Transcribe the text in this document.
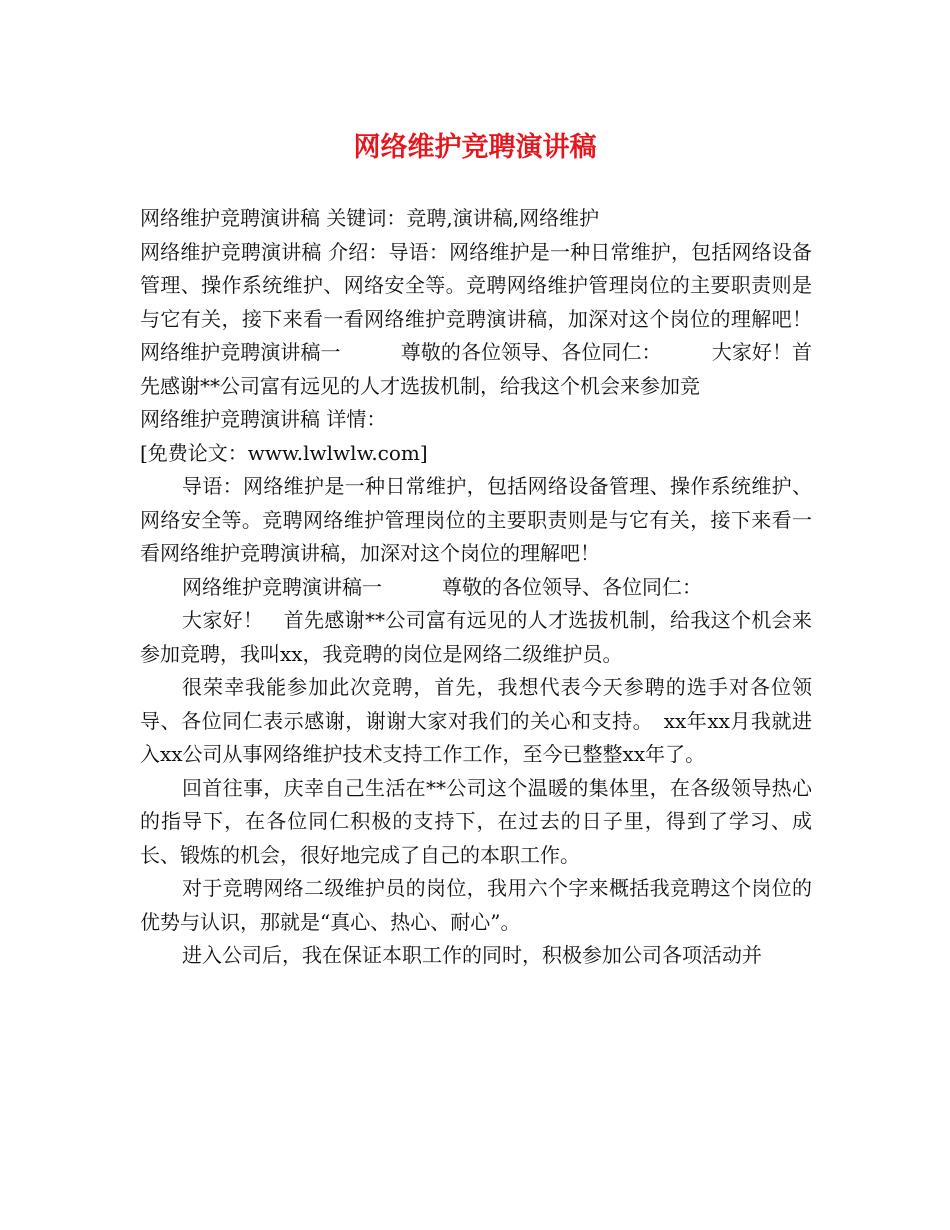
网络维护竞聘演讲稿

网络维护竞聘演讲稿 关键词：竞聘,演讲稿,网络维护

网络维护竞聘演讲稿 介绍：导语：网络维护是一种日常维护，包括网络设备管理、操作系统维护、网络安全等。竞聘网络维护管理岗位的主要职责则是与它有关，接下来看一看网络维护竞聘演讲稿，加深对这个岗位的理解吧！　　　网络维护竞聘演讲稿一　　　尊敬的各位领导、各位同仁：　　　大家好！首先感谢**公司富有远见的人才选拔机制，给我这个机会来参加竞

网络维护竞聘演讲稿 详情：

[免费论文：www.lwlwlw.com]

导语：网络维护是一种日常维护，包括网络设备管理、操作系统维护、网络安全等。竞聘网络维护管理岗位的主要职责则是与它有关，接下来看一看网络维护竞聘演讲稿，加深对这个岗位的理解吧！

网络维护竞聘演讲稿一　　　尊敬的各位领导、各位同仁：

大家好！　首先感谢**公司富有远见的人才选拔机制，给我这个机会来参加竞聘，我叫xx，我竞聘的岗位是网络二级维护员。

很荣幸我能参加此次竞聘，首先，我想代表今天参聘的选手对各位领导、各位同仁表示感谢，谢谢大家对我们的关心和支持。　xx年xx月我就进入xx公司从事网络维护技术支持工作工作，至今已整整xx年了。

回首往事，庆幸自己生活在**公司这个温暖的集体里，在各级领导热心的指导下，在各位同仁积极的支持下，在过去的日子里，得到了学习、成长、锻炼的机会，很好地完成了自己的本职工作。

对于竞聘网络二级维护员的岗位，我用六个字来概括我竞聘这个岗位的优势与认识，那就是“真心、热心、耐心”。

进入公司后，我在保证本职工作的同时，积极参加公司各项活动并
